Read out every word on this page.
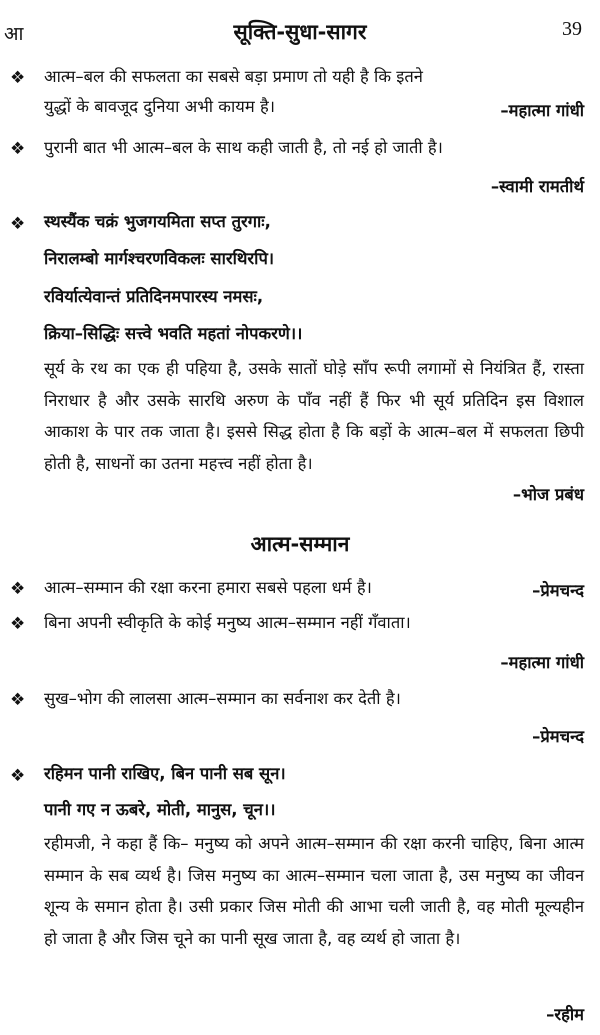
आ	सूक्ति-सुधा-सागर	39
❖ आत्म–बल की सफलता का सबसे बड़ा प्रमाण तो यही है कि इतने
युद्धों के बावजूद दुनिया अभी कायम है।	–महात्मा गांधी
❖ पुरानी बात भी आत्म–बल के साथ कही जाती है, तो नई हो जाती है।
–स्वामी रामतीर्थ
❖ स्थस्यैंक चक्रं भुजगयमिता सप्त तुरगाः,
निरालम्बो मार्गश्चरणविकलः सारथिरपि।
रविर्यात्येवान्तं प्रतिदिनमपारस्य नमसः,
क्रिया–सिद्धिः सत्त्वे भवति महतां नोपकरणे।।
सूर्य के रथ का एक ही पहिया है, उसके सातों घोड़े साँप रूपी लगामों से नियंत्रित हैं, रास्ता निराधार है और उसके सारथि अरुण के पाँव नहीं हैं फिर भी सूर्य प्रतिदिन इस विशाल आकाश के पार तक जाता है। इससे सिद्ध होता है कि बड़ों के आत्म–बल में सफलता छिपी होती है, साधनों का उतना महत्त्व नहीं होता है।
–भोज प्रबंध
आत्म-सम्मान
❖ आत्म–सम्मान की रक्षा करना हमारा सबसे पहला धर्म है।	–प्रेमचन्द
❖ बिना अपनी स्वीकृति के कोई मनुष्य आत्म–सम्मान नहीं गँवाता।
–महात्मा गांधी
❖ सुख–भोग की लालसा आत्म–सम्मान का सर्वनाश कर देती है।
–प्रेमचन्द
❖ रहिमन पानी राखिए, बिन पानी सब सून।
पानी गए न ऊबरे, मोती, मानुस, चून।।
रहीमजी, ने कहा हैं कि– मनुष्य को अपने आत्म–सम्मान की रक्षा करनी चाहिए, बिना आत्म सम्मान के सब व्यर्थ है। जिस मनुष्य का आत्म–सम्मान चला जाता है, उस मनुष्य का जीवन शून्य के समान होता है। उसी प्रकार जिस मोती की आभा चली जाती है, वह मोती मूल्यहीन हो जाता है और जिस चूने का पानी सूख जाता है, वह व्यर्थ हो जाता है।
–रहीम
